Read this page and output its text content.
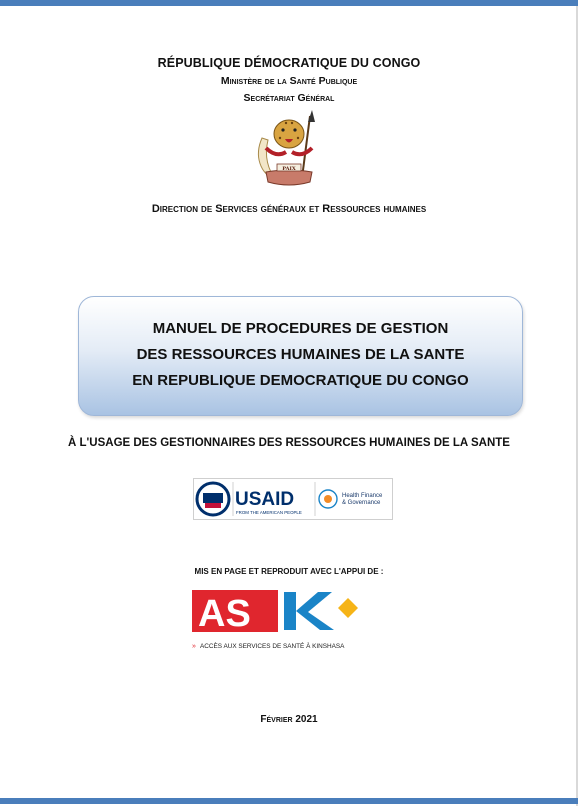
RÉPUBLIQUE DÉMOCRATIQUE DU CONGO
Ministère de la Santé Publique
Secrétariat Général
PAIX
Direction de Services généraux et Ressources humaines
MANUEL DE PROCEDURES DE GESTION
DES RESSOURCES HUMAINES DE LA SANTE
EN REPUBLIQUE DEMOCRATIQUE DU CONGO
À L'USAGE DES GESTIONNAIRES DES RESSOURCES HUMAINES DE LA SANTE
USAID
FROM THE AMERICAN PEOPLE
Health Finance
& Governance
MIS EN PAGE ET REPRODUIT AVEC L'APPUI DE :
AS
» ACCÈS AUX SERVICES DE SANTÉ À KINSHASA
Février 2021
